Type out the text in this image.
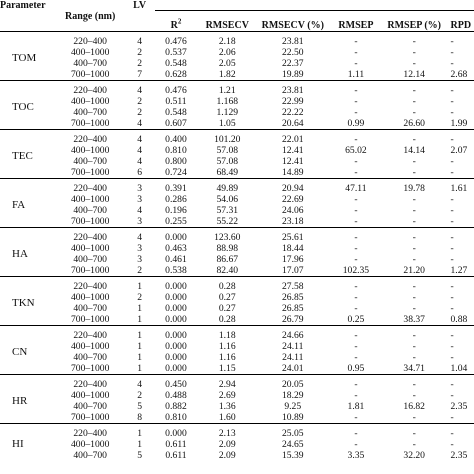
Parameter		LV						
	Range (nm)		$R^2$	RMSECV	RMSECV (%)	RMSEP	RMSEP (%)	RPD

TOM	220–400	4	0.476	2.18	23.81	-	-	-
	400–1000	2	0.537	2.06	22.50	-	-	-
	400–700	2	0.548	2.05	22.37	-	-	-
	700–1000	7	0.628	1.82	19.89	1.11	12.14	2.68

TOC	220–400	4	0.476	1.21	23.81	-	-	-
	400–1000	2	0.511	1.168	22.99	-	-	-
	400–700	2	0.548	1.129	22.22	-	-	-
	700–1000	4	0.607	1.05	20.64	0.99	26.60	1.99

TEC	220–400	4	0.400	101.20	22.01	-	-	-
	400–1000	4	0.810	57.08	12.41	65.02	14.14	2.07
	400–700	4	0.800	57.08	12.41	-	-	-
	700–1000	6	0.724	68.49	14.89	-	-	-

FA	220–400	3	0.391	49.89	20.94	47.11	19.78	1.61
	400–1000	3	0.286	54.06	22.69	-	-	-
	400–700	4	0.196	57.31	24.06	-	-	-
	700–1000	3	0.255	55.22	23.18	-	-	-

HA	220–400	4	0.000	123.60	25.61	-	-	-
	400–1000	3	0.463	88.98	18.44	-	-	-
	400–700	3	0.461	86.67	17.96	-	-	-
	700–1000	2	0.538	82.40	17.07	102.35	21.20	1.27

TKN	220–400	1	0.000	0.28	27.58	-	-	-
	400–1000	2	0.000	0.27	26.85	-	-	-
	400–700	1	0.000	0.27	26.85	-	-	-
	700–1000	1	0.000	0.28	26.79	0.25	38.37	0.88

CN	220–400	1	0.000	1.18	24.66	-	-	-
	400–1000	1	0.000	1.16	24.11	-	-	-
	400–700	1	0.000	1.16	24.11	-	-	-
	700–1000	1	0.000	1.15	24.01	0.95	34.71	1.04

HR	220–400	4	0.450	2.94	20.05	-	-	-
	400–1000	2	0.488	2.69	18.29	-	-	-
	400–700	5	0.882	1.36	9.25	1.81	16.82	2.35
	700–1000	8	0.810	1.60	10.89	-	-	-

HI	220–400	1	0.000	2.13	25.05	-	-	-
	400–1000	1	0.611	2.09	24.65	-	-	-
	400–700	5	0.611	2.09	15.39	3.35	32.20	2.35
